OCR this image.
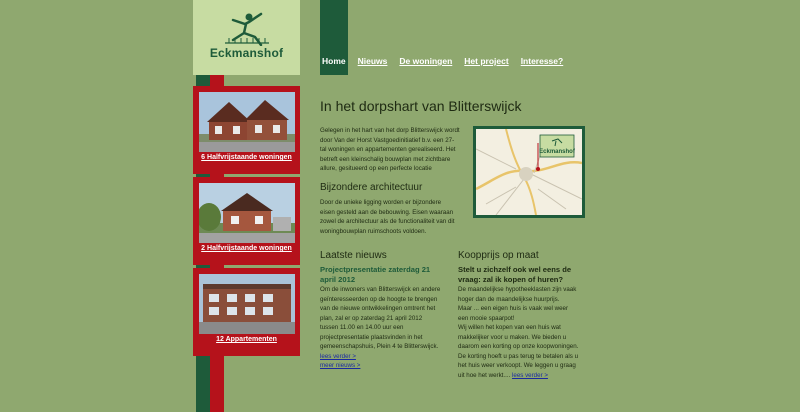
Eckmanshof
Home Nieuws De woningen Het project Interesse?
6 Halfvrijstaande woningen
2 Halfvrijstaande woningen
12 Appartementen
In het dorpshart van Blitterswijck
Gelegen in het hart van het dorp Blitterswijck wordt
door Van der Horst Vastgoedinitiatief b.v. een 27-
tal woningen en appartementen gerealiseerd. Het
betreft een kleinschalig bouwplan met zichtbare
allure, gesitueerd op een perfecte locatie
Bijzondere architectuur
Door de unieke ligging worden er bijzondere
eisen gesteld aan de bebouwing. Eisen waaraan
zowel de architectuur als de functionaliteit van dit
woningbouwplan ruimschoots voldoen.
Eckmanshof
Laatste nieuws
Projectpresentatie zaterdag 21
april 2012
Om de inwoners van Blitterswijck en andere
geïnteresseerden op de hoogte te brengen
van de nieuwe ontwikkelingen omtrent het
plan, zal er op zaterdag 21 april 2012
tussen 11.00 en 14.00 uur een
projectpresentatie plaatsvinden in het
gemeenschapshuis, Plein 4 te Blitterswijck.
lees verder >
meer nieuws >
Koopprijs op maat
Stelt u zichzelf ook wel eens de
vraag: zal ik kopen of huren?
De maandelijkse hypotheeklasten zijn vaak
hoger dan de maandelijkse huurprijs.
Maar ... een eigen huis is vaak wel weer
een mooie spaarpot!
Wij willen het kopen van een huis wat
makkelijker voor u maken. We bieden u
daarom een korting op onze koopwoningen.
De korting hoeft u pas terug te betalen als u
het huis weer verkoopt. We leggen u graag
uit hoe het werkt.... lees verder >
